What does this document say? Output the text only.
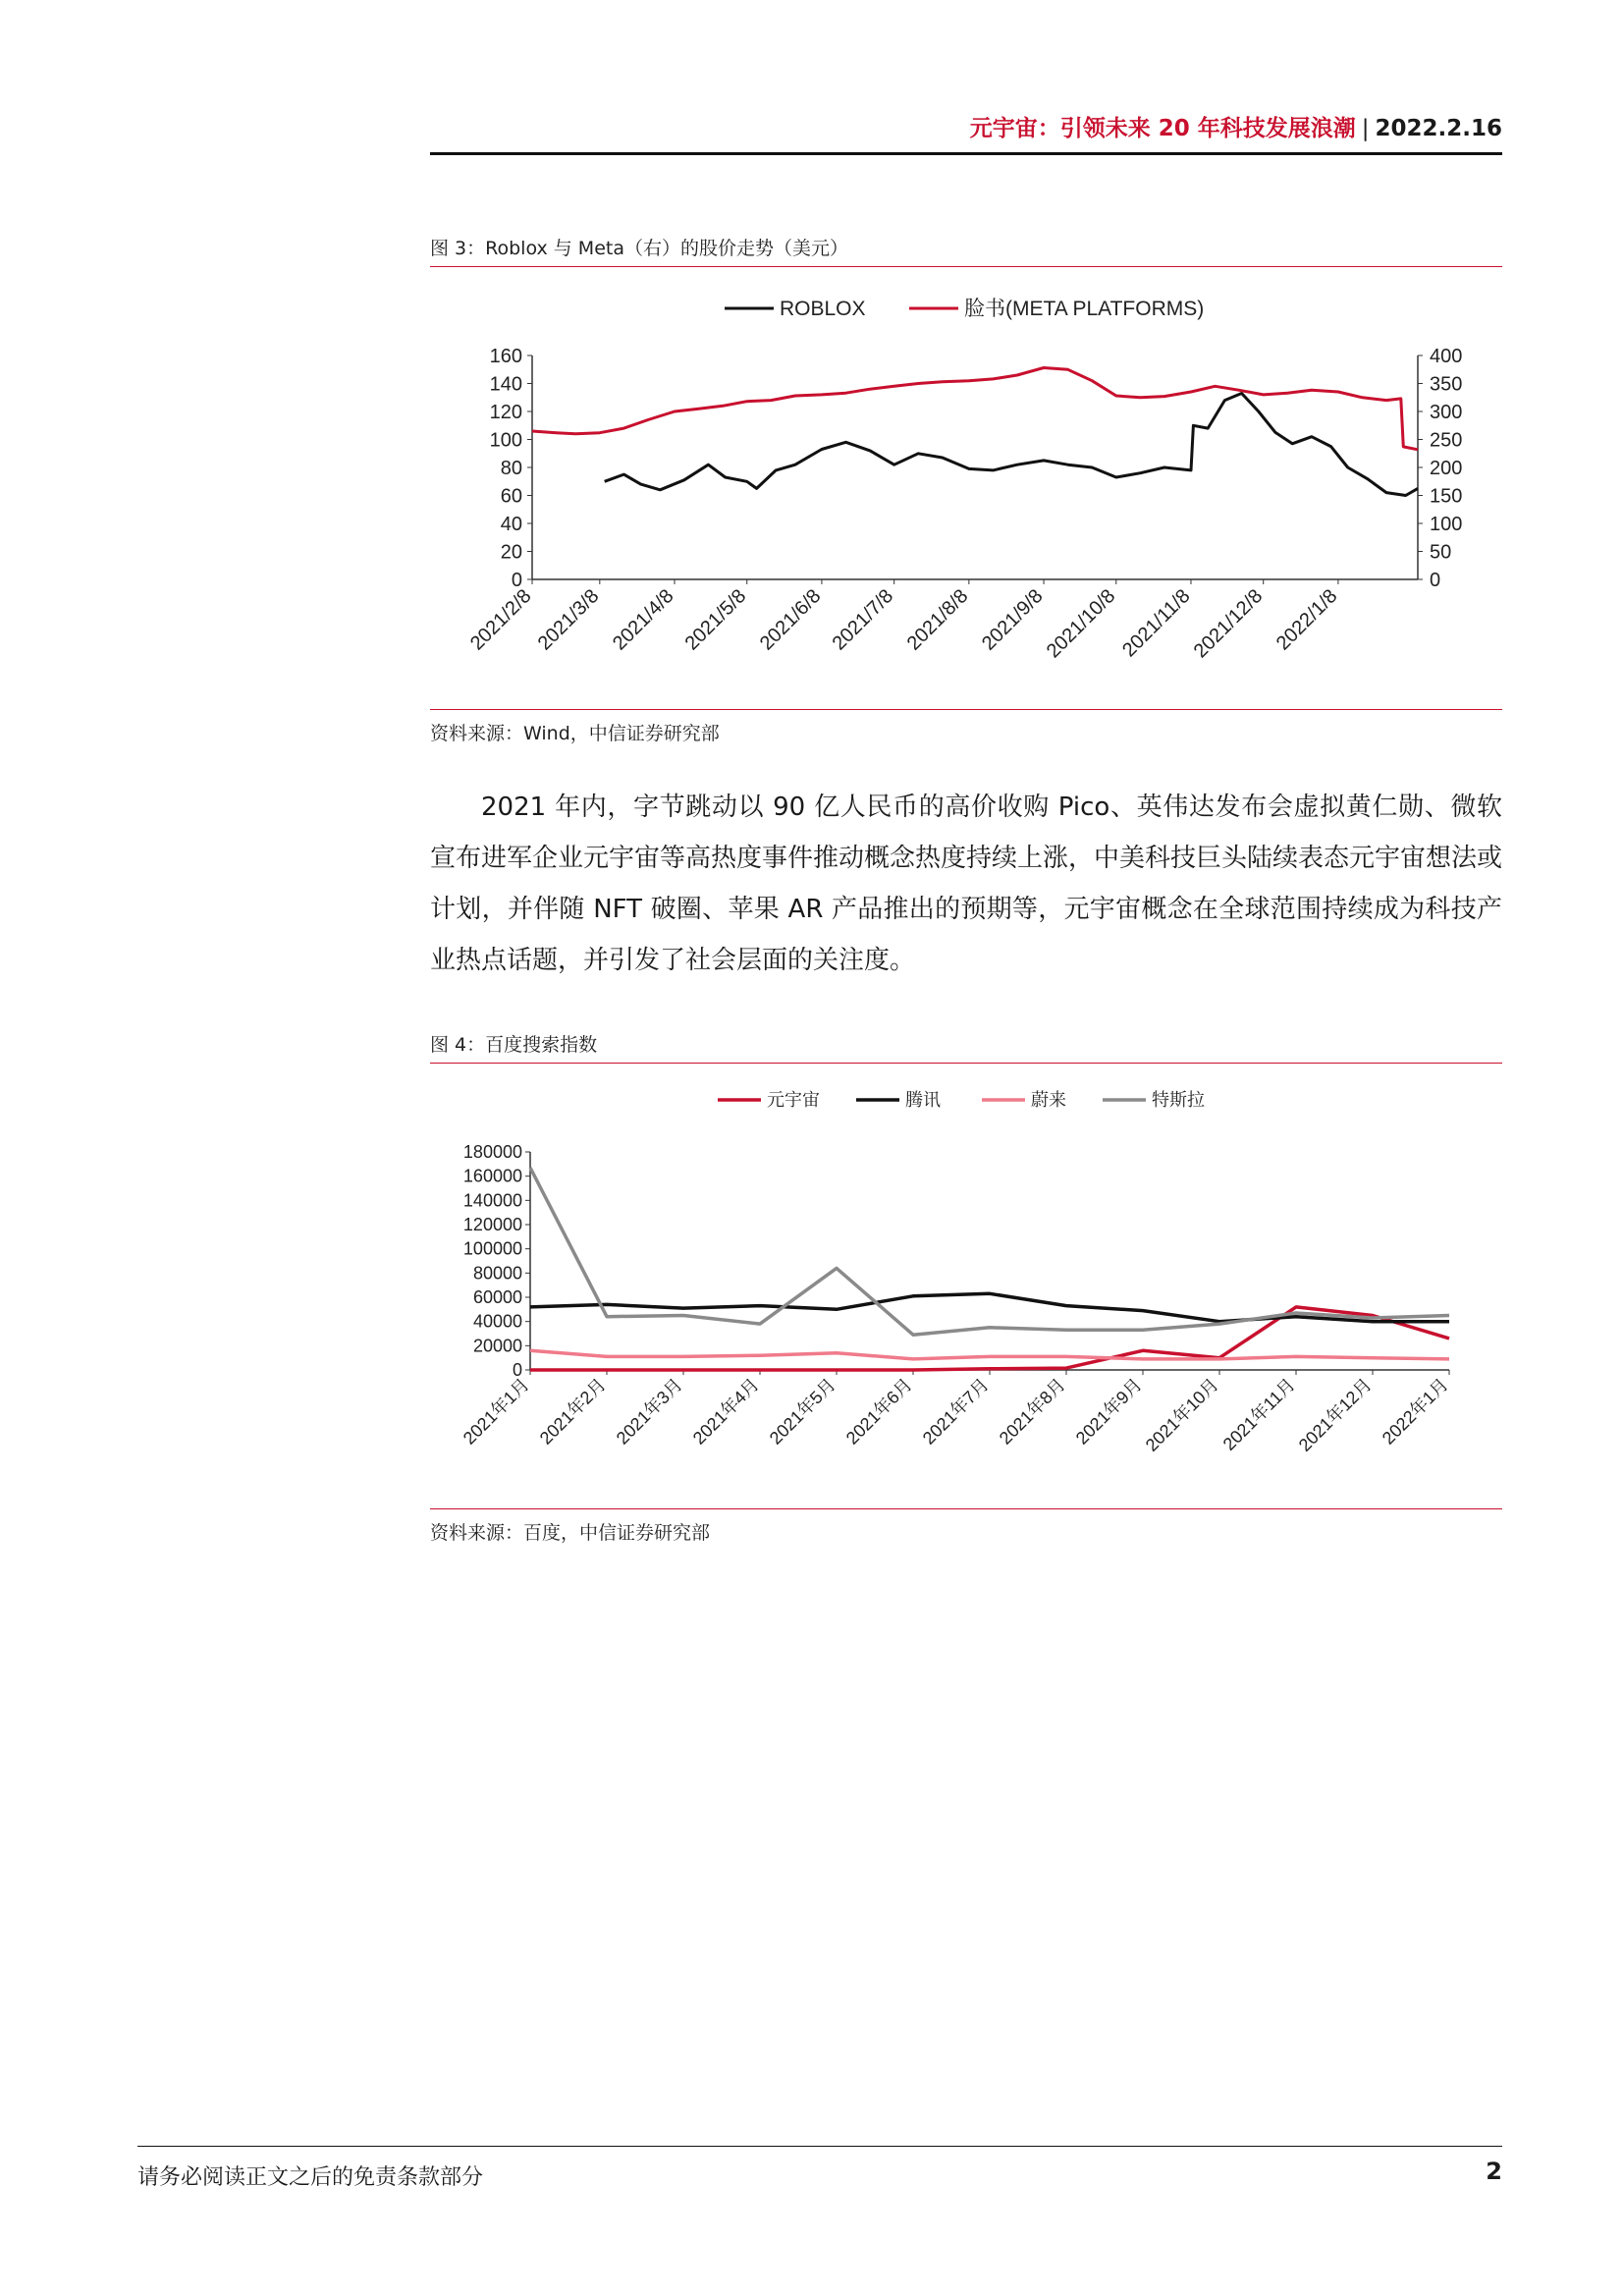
元宇宙：引领未来 20 年科技发展浪潮 | 2022.2.16
图 3：Roblox 与 Meta（右）的股价走势（美元）
0
20
40
60
80
100
120
140
160
0
50
100
150
200
250
300
350
400
2021/2/8
2021/3/8 2021/4/8 2021/5/8 2021/6/8 2021/7/8 2021/8/8 2021/9/8
2021/10/8
2021/11/8
2021/12/8 2022/1/8
ROBLOX	脸书(META PLATFORMS)
资料来源：Wind，中信证券研究部
2021 年内，字节跳动以 90 亿人民币的高价收购 Pico、英伟达发布会虚拟黄仁勋、微软宣布进军企业元宇宙等高热度事件推动概念热度持续上涨，中美科技巨头陆续表态元宇宙想法或计划，并伴随 NFT 破圈、苹果 AR 产品推出的预期等，元宇宙概念在全球范围持续成为科技产业热点话题，并引发了社会层面的关注度。
图 4：百度搜索指数
0
20000
40000
60000
80000
100000
120000
140000
160000
180000
2021年1月 2021年2月 2021年3月 2021年4月 2021年5月 2021年6月 2021年7月 2021年8月 2021年9月
2021年10月
2021年11月
2021年12月 2022年1月
元宇宙	腾讯	蔚来	特斯拉
资料来源：百度，中信证券研究部
请务必阅读正文之后的免责条款部分	2
